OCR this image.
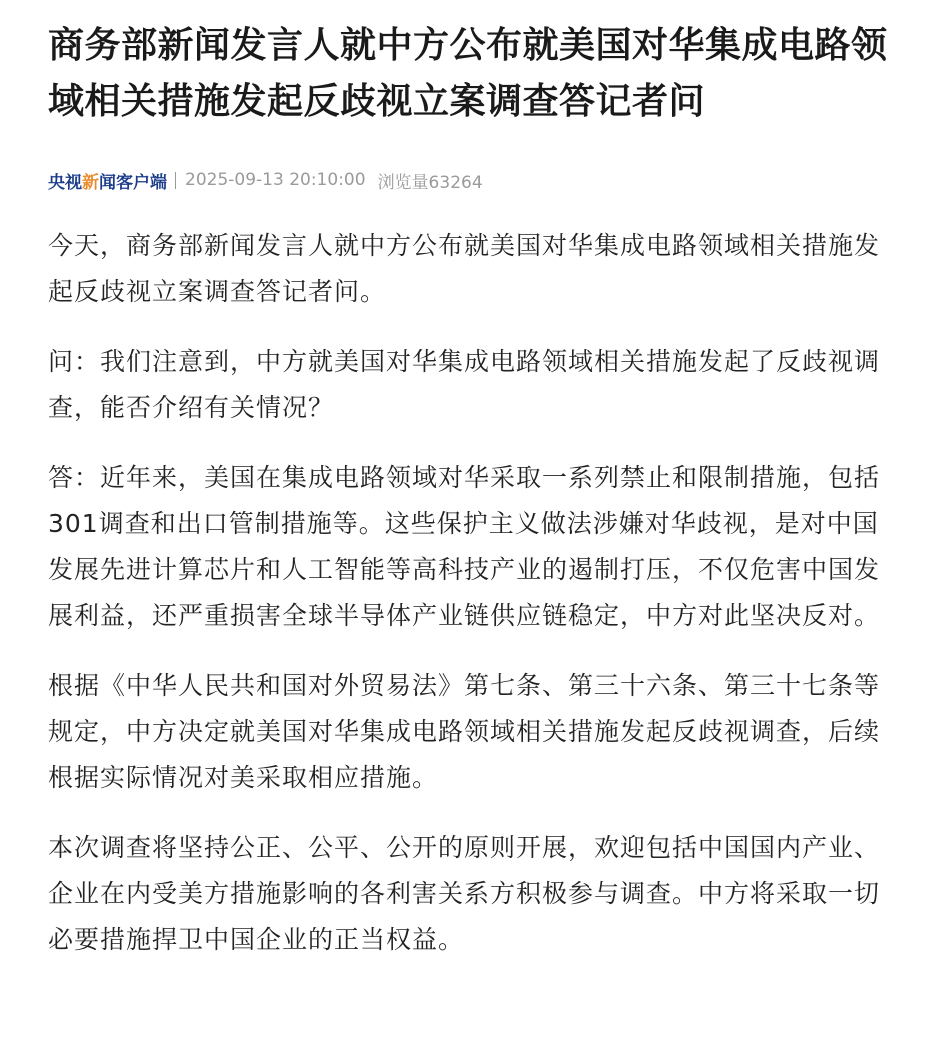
商务部新闻发言人就中方公布就美国对华集成电路领域相关措施发起反歧视立案调查答记者问
央视新闻客户端 2025-09-13 20:10:00 浏览量63264

今天，商务部新闻发言人就中方公布就美国对华集成电路领域相关措施发起反歧视立案调查答记者问。

问：我们注意到，中方就美国对华集成电路领域相关措施发起了反歧视调查，能否介绍有关情况？

答：近年来，美国在集成电路领域对华采取一系列禁止和限制措施，包括301调查和出口管制措施等。这些保护主义做法涉嫌对华歧视，是对中国发展先进计算芯片和人工智能等高科技产业的遏制打压，不仅危害中国发展利益，还严重损害全球半导体产业链供应链稳定，中方对此坚决反对。

根据《中华人民共和国对外贸易法》第七条、第三十六条、第三十七条等规定，中方决定就美国对华集成电路领域相关措施发起反歧视调查，后续根据实际情况对美采取相应措施。

本次调查将坚持公正、公平、公开的原则开展，欢迎包括中国国内产业、企业在内受美方措施影响的各利害关系方积极参与调查。中方将采取一切必要措施捍卫中国企业的正当权益。
